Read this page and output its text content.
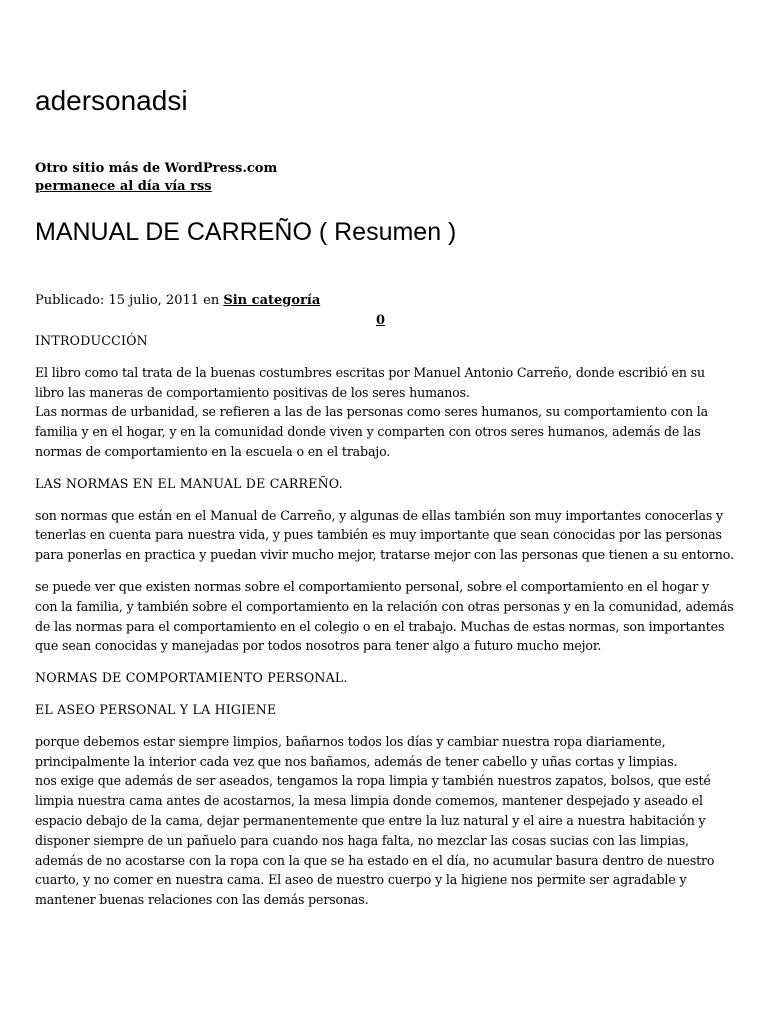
adersonadsi
Otro sitio más de WordPress.com
permanece al día vía rss
MANUAL DE CARREÑO ( Resumen )
Publicado: 15 julio, 2011 en Sin categoría
0

INTRODUCCIÓN

El libro como tal trata de la buenas costumbres escritas por Manuel Antonio Carreño, donde escribió en su libro las maneras de comportamiento positivas de los seres humanos.
Las normas de urbanidad, se refieren a las de las personas como seres humanos, su comportamiento con la familia y en el hogar, y en la comunidad donde viven y comparten con otros seres humanos, además de las normas de comportamiento en la escuela o en el trabajo.

LAS NORMAS EN EL MANUAL DE CARREÑO.

son normas que están en el Manual de Carreño, y algunas de ellas también son muy importantes conocerlas y tenerlas en cuenta para nuestra vida, y pues también es muy importante que sean conocidas por las personas para ponerlas en practica y puedan vivir mucho mejor, tratarse mejor con las personas que tienen a su entorno.

se puede ver que existen normas sobre el comportamiento personal, sobre el comportamiento en el hogar y con la familia, y también sobre el comportamiento en la relación con otras personas y en la comunidad, además de las normas para el comportamiento en el colegio o en el trabajo. Muchas de estas normas, son importantes que sean conocidas y manejadas por todos nosotros para tener algo a futuro mucho mejor.

NORMAS DE COMPORTAMIENTO PERSONAL.

EL ASEO PERSONAL Y LA HIGIENE

porque debemos estar siempre limpios, bañarnos todos los días y cambiar nuestra ropa diariamente, principalmente la interior cada vez que nos bañamos, además de tener cabello y uñas cortas y limpias.
nos exige que además de ser aseados, tengamos la ropa limpia y también nuestros zapatos, bolsos, que esté limpia nuestra cama antes de acostarnos, la mesa limpia donde comemos, mantener despejado y aseado el espacio debajo de la cama, dejar permanentemente que entre la luz natural y el aire a nuestra habitación y disponer siempre de un pañuelo para cuando nos haga falta, no mezclar las cosas sucias con las limpias, además de no acostarse con la ropa con la que se ha estado en el día, no acumular basura dentro de nuestro cuarto, y no comer en nuestra cama. El aseo de nuestro cuerpo y la higiene nos permite ser agradable y mantener buenas relaciones con las demás personas.
